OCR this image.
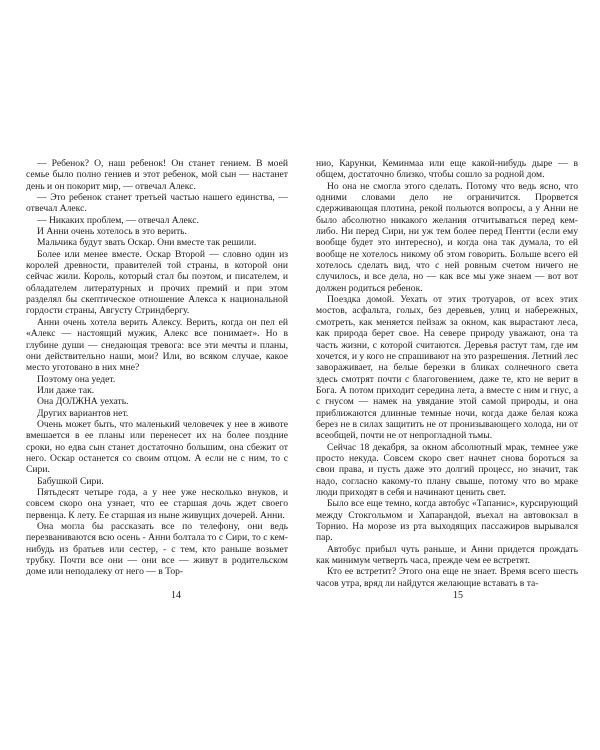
— Ребенок? О, наш ребенок! Он станет гением. В моей семье было полно гениев и этот ребенок, мой сын — настанет день и он покорит мир, — отвечал Алекс.

— Это ребенок станет третьей частью нашего единства, — отвечал Алекс.

— Никаких проблем, — отвечал Алекс.

И Анни очень хотелось в это верить.

Мальчика будут звать Оскар. Они вместе так решили.

Более или менее вместе. Оскар Второй — словно один из королей древности, правителей той страны, в которой они сейчас жили. Король, который стал бы поэтом, и писателем, и обладателем литературных и прочих премий и при этом разделял бы скептическое отношение Алекса к национальной гордости страны, Августу Стриндбергу.

Анни очень хотела верить Алексу. Верить, когда он пел ей «Алекс — настоящий мужик, Алекс все понимает». Но в глубине души — снедающая тревога: все эти мечты и планы, они действительно наши, мои? Или, во всяком случае, какое место уготовано в них мне?

Поэтому она уедет.

Или даже так.

Она ДОЛЖНА уехать.

Других вариантов нет.

Очень может быть, что маленький человечек у нее в животе вмешается в ее планы или перенесет их на более поздние сроки, но едва сын станет достаточно большим, она сбежит от него. Оскар останется со своим отцом. А если не с ним, то с Сири.

Бабушкой Сири.

Пятьдесят четыре года, а у нее уже несколько внуков, и совсем скоро она узнает, что ее старшая дочь ждет своего первенца. К лету. Ее старшая из ныне живущих дочерей. Анни.

Она могла бы рассказать все по телефону, они ведь перезваниваются всю осень - Анни болтала то с Сири, то с кем-нибудь из братьев или сестер, - с тем, кто раньше возьмет трубку. Почти все они — они все — живут в родительском доме или неподалеку от него — в Тор-

14

нио, Карунки, Кеминмаа или еще какой-нибудь дыре — в общем, достаточно близко, чтобы сошло за родной дом.

Но она не смогла этого сделать. Потому что ведь ясно, что одними словами дело не ограничится. Прорвется сдерживающая плотина, рекой польются вопросы, а у Анни не было абсолютно никакого желания отчитываться перед кем-либо. Ни перед Сири, ни уж тем более перед Пентти (если ему вообще будет это интересно), и когда она так думала, то ей вообще не хотелось никому об этом говорить. Больше всего ей хотелось сделать вид, что с ней ровным счетом ничего не случилось, и все дела, но — как все мы уже знаем — вот вот должен родиться ребенок.

Поездка домой. Уехать от этих тротуаров, от всех этих мостов, асфальта, голых, без деревьев, улиц и набережных, смотреть, как меняется пейзаж за окном, как вырастают леса, как природа берет свое. На севере природу уважают, она та часть жизни, с которой считаются. Деревья растут там, где им хочется, и у кого не спрашивают на это разрешения. Летний лес завораживает, на белые березки в бликах солнечного света здесь смотрят почти с благоговением, даже те, кто не верит в Бога. А потом приходит середина лета, а вместе с ним и гнус, а с гнусом — намек на увядание этой самой природы, и она приближаются длинные темные ночи, когда даже белая кожа берез не в силах защитить не от пронизывающего холода, ни от всеобщей, почти не от непрогладной тьмы.

Сейчас 18 декабря, за окном абсолютный мрак, темнее уже просто некуда. Совсем скоро свет начнет снова бороться за свои права, и пусть даже это долгий процесс, но значит, так надо, согласно какому-то плану свыше, потому что во мраке люди приходят в себя и начинают ценить свет.

Было все еще темно, когда автобус «Тапанис», курсирующий между Стокгольмом и Хапарандой, въехал на автовокзал в Торнио. На морозе из рта выходящих пассажиров вырывался пар.

Автобус прибыл чуть раньше, и Анни придется прождать как минимум четверть часа, прежде чем ее встретят.

Кто ее встретит? Этого она еще не знает. Время всего шесть часов утра, вряд ли найдутся желающие вставать в та-

15
